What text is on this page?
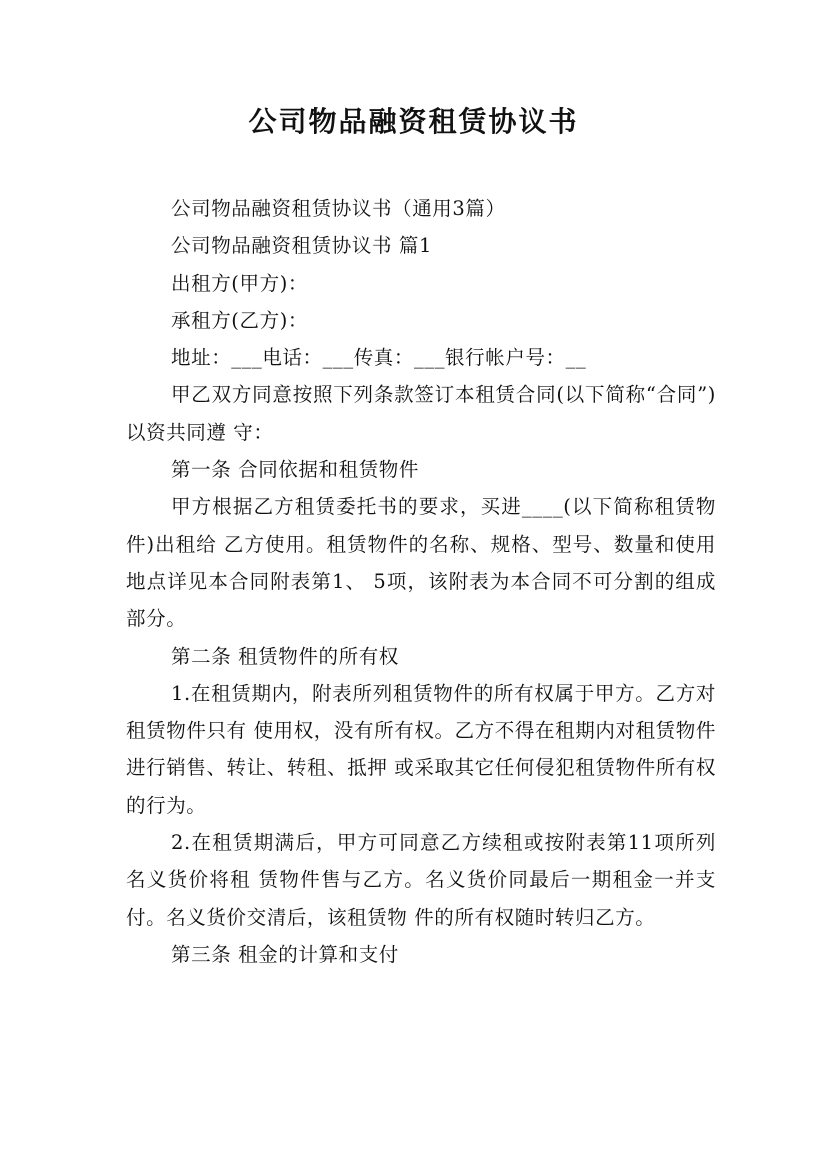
公司物品融资租赁协议书

公司物品融资租赁协议书（通用3篇）

公司物品融资租赁协议书 篇1

出租方(甲方)：

承租方(乙方)：

地址：___电话：___传真：___银行帐户号：__

甲乙双方同意按照下列条款签订本租赁合同(以下简称“合同”)以资共同遵 守：

第一条 合同依据和租赁物件

甲方根据乙方租赁委托书的要求，买进____(以下简称租赁物件)出租给 乙方使用。租赁物件的名称、规格、型号、数量和使用地点详见本合同附表第1、 5项，该附表为本合同不可分割的组成部分。

第二条 租赁物件的所有权

1.在租赁期内，附表所列租赁物件的所有权属于甲方。乙方对租赁物件只有 使用权，没有所有权。乙方不得在租期内对租赁物件进行销售、转让、转租、抵押 或采取其它任何侵犯租赁物件所有权的行为。

2.在租赁期满后，甲方可同意乙方续租或按附表第11项所列名义货价将租 赁物件售与乙方。名义货价同最后一期租金一并支付。名义货价交清后，该租赁物 件的所有权随时转归乙方。

第三条 租金的计算和支付
